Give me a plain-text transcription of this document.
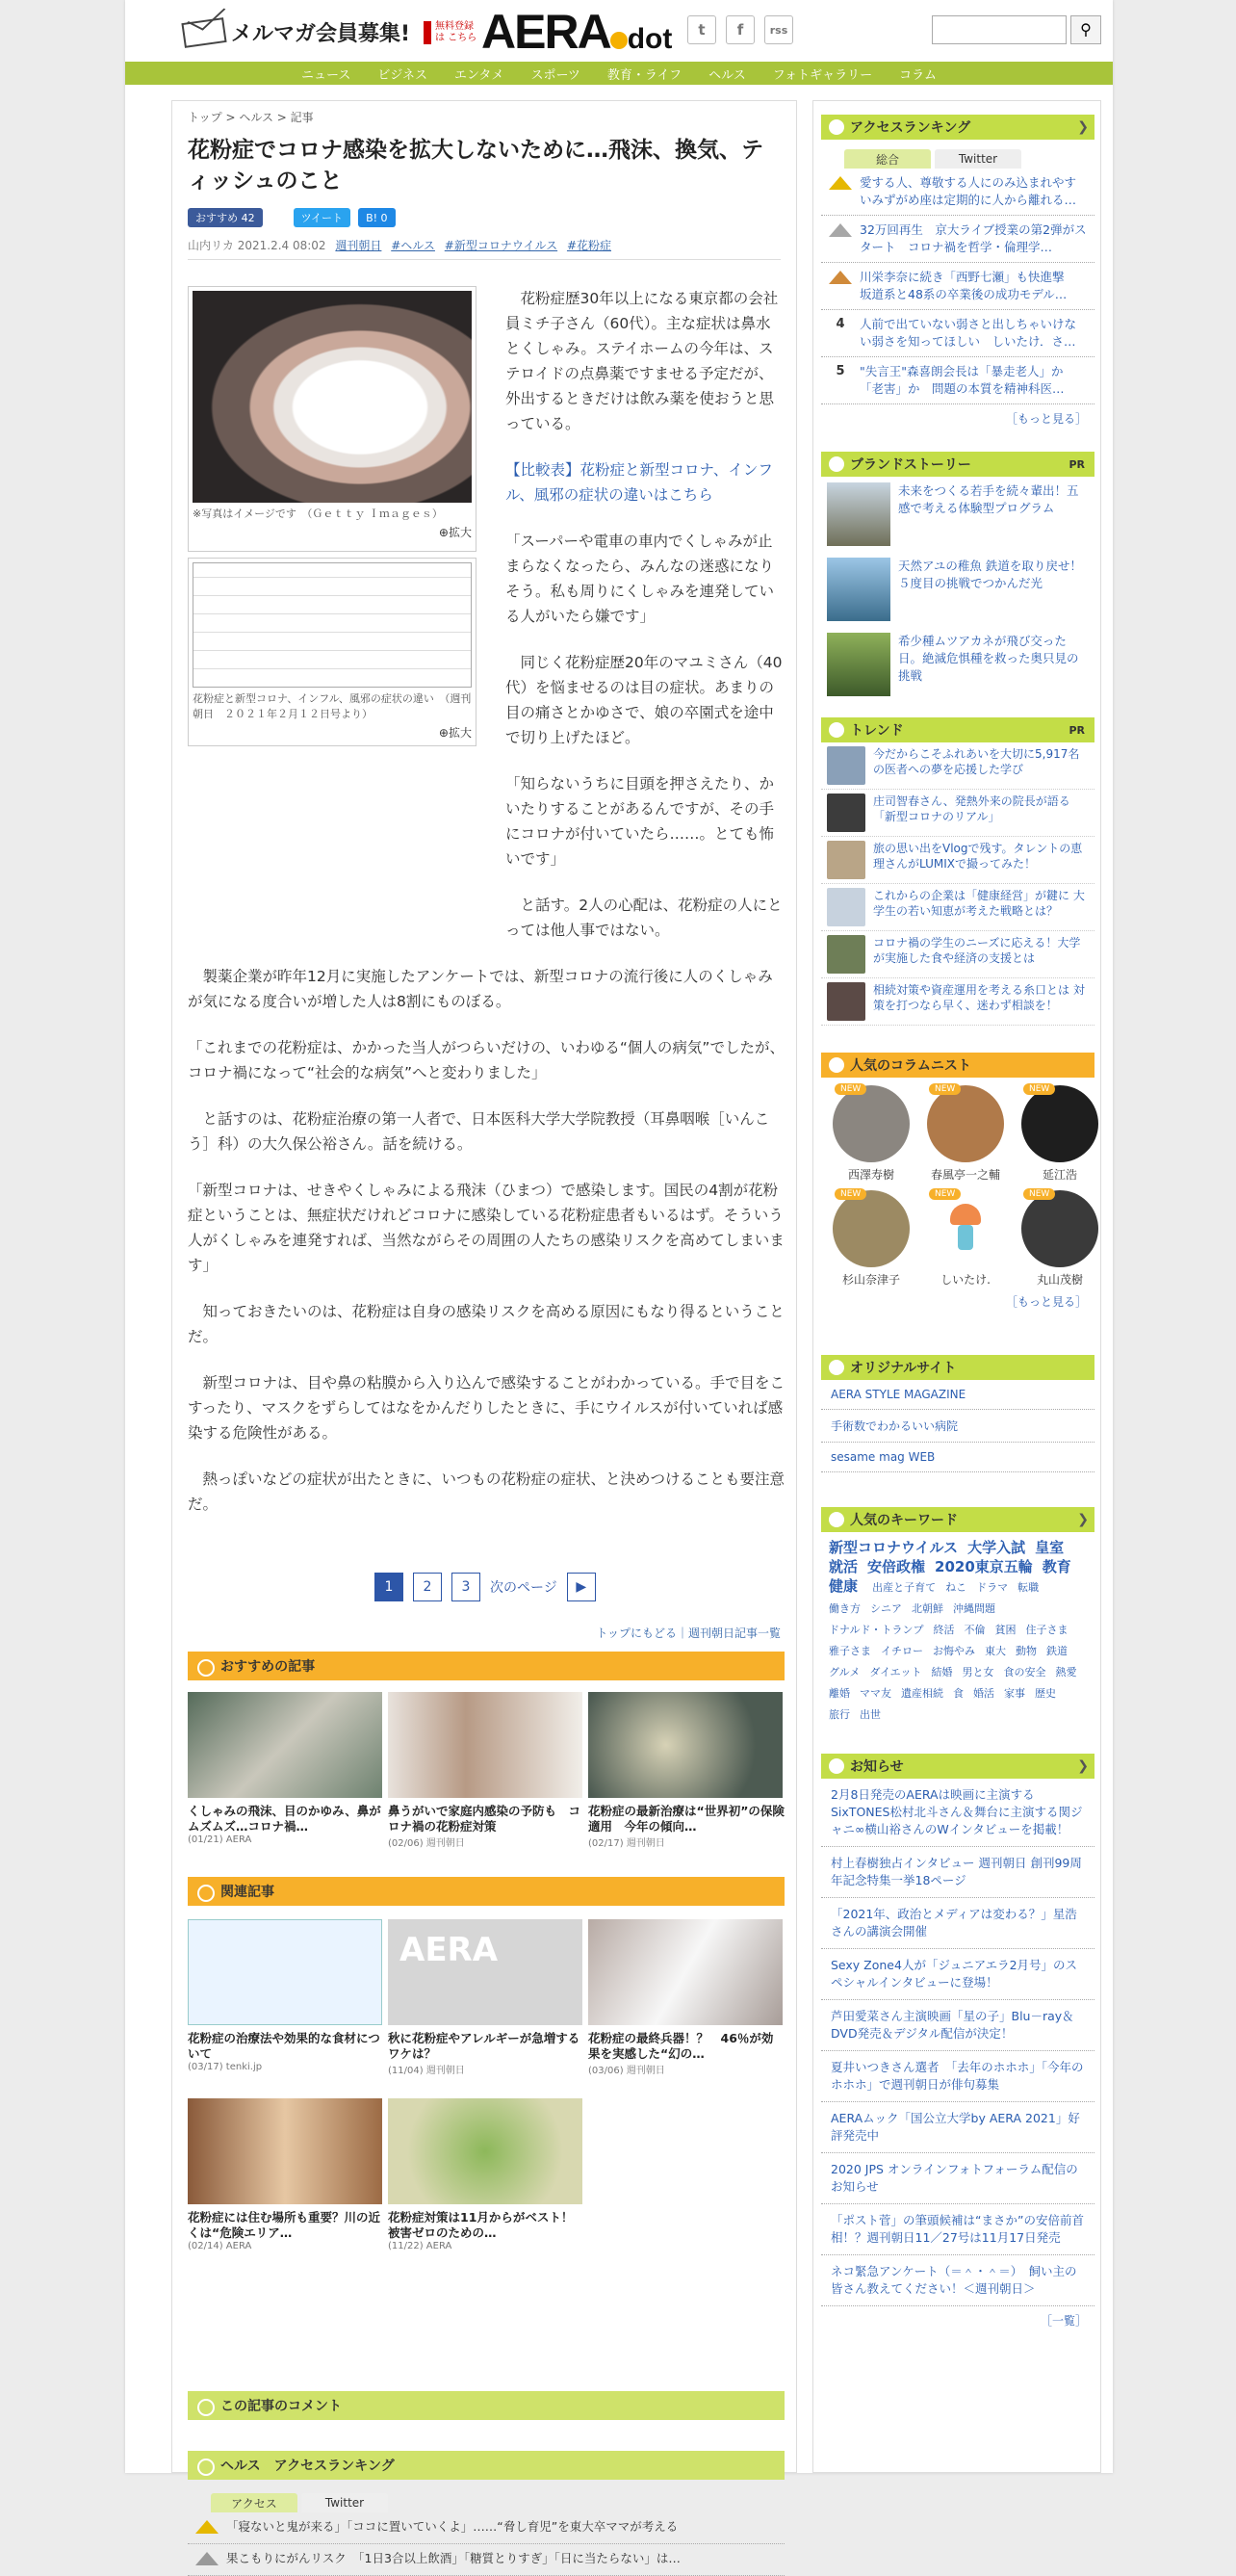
メルマガ会員募集!	無料登録は こちら AERA dot	t	f	rss	⚲
ニュース ビジネス エンタメ スポーツ 教育・ライフ ヘルス フォトギャラリー コラム
トップ > ヘルス > 記事
花粉症でコロナ感染を拡大しないために…飛沫、換気、ティッシュのこと
おすすめ 42	ツイート	B! 0
山内リカ 2021.2.4 08:02 週刊朝日 #ヘルス #新型コロナウイルス #花粉症
※写真はイメージです　（Ｇｅｔｔｙ Ｉｍａｇｅｓ）
⊕拡大
花粉症と新型コロナ、インフル、風邪の症状の違い　（週刊朝日　２０２１年２月１２日号より）
⊕拡大

　花粉症歴30年以上になる東京都の会社員ミチ子さん（60代）。主な症状は鼻水とくしゃみ。ステイホームの今年は、ステロイドの点鼻薬ですませる予定だが、外出するときだけは飲み薬を使おうと思っている。

【比較表】花粉症と新型コロナ、インフル、風邪の症状の違いはこちら

「スーパーや電車の車内でくしゃみが止まらなくなったら、みんなの迷惑になりそう。私も周りにくしゃみを連発している人がいたら嫌です」

　同じく花粉症歴20年のマユミさん（40代）を悩ませるのは目の症状。あまりの目の痛さとかゆさで、娘の卒園式を途中で切り上げたほど。

「知らないうちに目頭を押さえたり、かいたりすることがあるんですが、その手にコロナが付いていたら……。とても怖いです」

　と話す。2人の心配は、花粉症の人にとっては他人事ではない。

　製薬企業が昨年12月に実施したアンケートでは、新型コロナの流行後に人のくしゃみが気になる度合いが増した人は8割にものぼる。

「これまでの花粉症は、かかった当人がつらいだけの、いわゆる“個人の病気”でしたが、コロナ禍になって“社会的な病気”へと変わりました」

　と話すのは、花粉症治療の第一人者で、日本医科大学大学院教授（耳鼻咽喉［いんこう］科）の大久保公裕さん。話を続ける。

「新型コロナは、せきやくしゃみによる飛沫（ひまつ）で感染します。国民の4割が花粉症ということは、無症状だけれどコロナに感染している花粉症患者もいるはず。そういう人がくしゃみを連発すれば、当然ながらその周囲の人たちの感染リスクを高めてしまいます」

　知っておきたいのは、花粉症は自身の感染リスクを高める原因にもなり得るということだ。

　新型コロナは、目や鼻の粘膜から入り込んで感染することがわかっている。手で目をこすったり、マスクをずらしてはなをかんだりしたときに、手にウイルスが付いていれば感染する危険性がある。

　熱っぽいなどの症状が出たときに、いつもの花粉症の症状、と決めつけることも要注意だ。

1	2	3	次のページ	▶
トップにもどる｜週刊朝日記事一覧
おすすめの記事
くしゃみの飛沫、目のかゆみ、鼻がムズムズ…コロナ禍…
(01/21) AERA
鼻うがいで家庭内感染の予防も　コロナ禍の花粉症対策
(02/06) 週刊朝日
花粉症の最新治療は“世界初”の保険適用　今年の傾向…
(02/17) 週刊朝日
関連記事
花粉症の治療法や効果的な食材について
(03/17) tenki.jp
AERA
秋に花粉症やアレルギーが急増するワケは？
(11/04) 週刊朝日
花粉症の最終兵器！？　46％が効果を実感した“幻の…
(03/06) 週刊朝日
花粉症には住む場所も重要？川の近くは“危険エリア…
(02/14) AERA
花粉症対策は11月からがベスト！　被害ゼロのための…
(11/22) AERA
この記事のコメント
ヘルス　アクセスランキング
アクセス	Twitter
「寝ないと鬼が来る」「ココに置いていくよ」……“脅し育児”を東大卒ママが考える
果こもりにがんリスク　「1日3合以上飲酒」「糖質とりすぎ」「日に当たらない」は…
アクセスランキング	❯
総合	Twitter
愛する人、尊敬する人にのみ込まれやすいみずがめ座は定期的に人から離れる…
32万回再生　京大ライブ授業の第2弾がスタート　コロナ禍を哲学・倫理学…
川栄李奈に続き「西野七瀬」も快進撃　坂道系と48系の卒業後の成功モデル…
4	人前で出ていない弱さと出しちゃいけない弱さを知ってほしい　しいたけ．さ…
5	"失言王"森喜朗会長は「暴走老人」か「老害」か　問題の本質を精神科医…
［もっと見る］
ブランドストーリー	PR
未来をつくる若手を続々輩出！五感で考える体験型プログラム
天然アユの稚魚 鉄道を取り戻せ！５度目の挑戦でつかんだ光
希少種ムツアカネが飛び交った日。絶滅危惧種を救った奥只見の挑戦
トレンド	PR
今だからこそふれあいを大切に5,917名の医者への夢を応援した学び
庄司智春さん、発熱外来の院長が語る「新型コロナのリアル」
旅の思い出をVlogで残す。タレントの恵理さんがLUMIXで撮ってみた！
これからの企業は「健康経営」が鍵に 大学生の若い知恵が考えた戦略とは？
コロナ禍の学生のニーズに応える！大学が実施した食や経済の支援とは
相続対策や資産運用を考える糸口とは 対策を打つなら早く、迷わず相談を！
人気のコラムニスト
NEW
西澤寿樹
NEW
春風亭一之輔
NEW
延江浩
NEW
杉山奈津子
NEW
しいたけ.
NEW
丸山茂樹
［もっと見る］
オリジナルサイト
AERA STYLE MAGAZINE
手術数でわかるいい病院
sesame mag WEB
人気のキーワード	❯
新型コロナウイルス 大学入試 皇室就活 安倍政権 2020東京五輪 教育健康 出産と子育て ねこ ドラマ 転職働き方 シニア 北朝鮮 沖縄問題ドナルド・トランプ 終活 不倫 貧困 住子さま雅子さま イチロー お悔やみ 東大 動物 鉄道グルメ ダイエット 結婚 男と女 食の安全 熱愛離婚 ママ友 遺産相続 食 婚活 家事 歴史旅行 出世
お知らせ	❯
2月8日発売のAERAは映画に主演するSixTONES松村北斗さん＆舞台に主演する関ジャニ∞横山裕さんのWインタビューを掲載！
村上春樹独占インタビュー 週刊朝日 創刊99周年記念特集一挙18ページ
「2021年、政治とメディアは変わる？」星浩さんの講演会開催
Sexy Zone4人が「ジュニアエラ2月号」のスペシャルインタビューに登場！
芦田愛菜さん主演映画「星の子」Blu－ray＆DVD発売＆デジタル配信が決定！
夏井いつきさん選者　「去年のホホホ」「今年のホホホ」で週刊朝日が俳句募集
AERAムック「国公立大学by AERA 2021」好評発売中
2020 JPS オンラインフォトフォーラム配信のお知らせ
「ポスト菅」の筆頭候補は“まさか”の安倍前首相！？週刊朝日11／27号は11月17日発売
ネコ緊急アンケート（＝＾・＾＝）　飼い主の皆さん教えてください！＜週刊朝日＞
［一覧］
